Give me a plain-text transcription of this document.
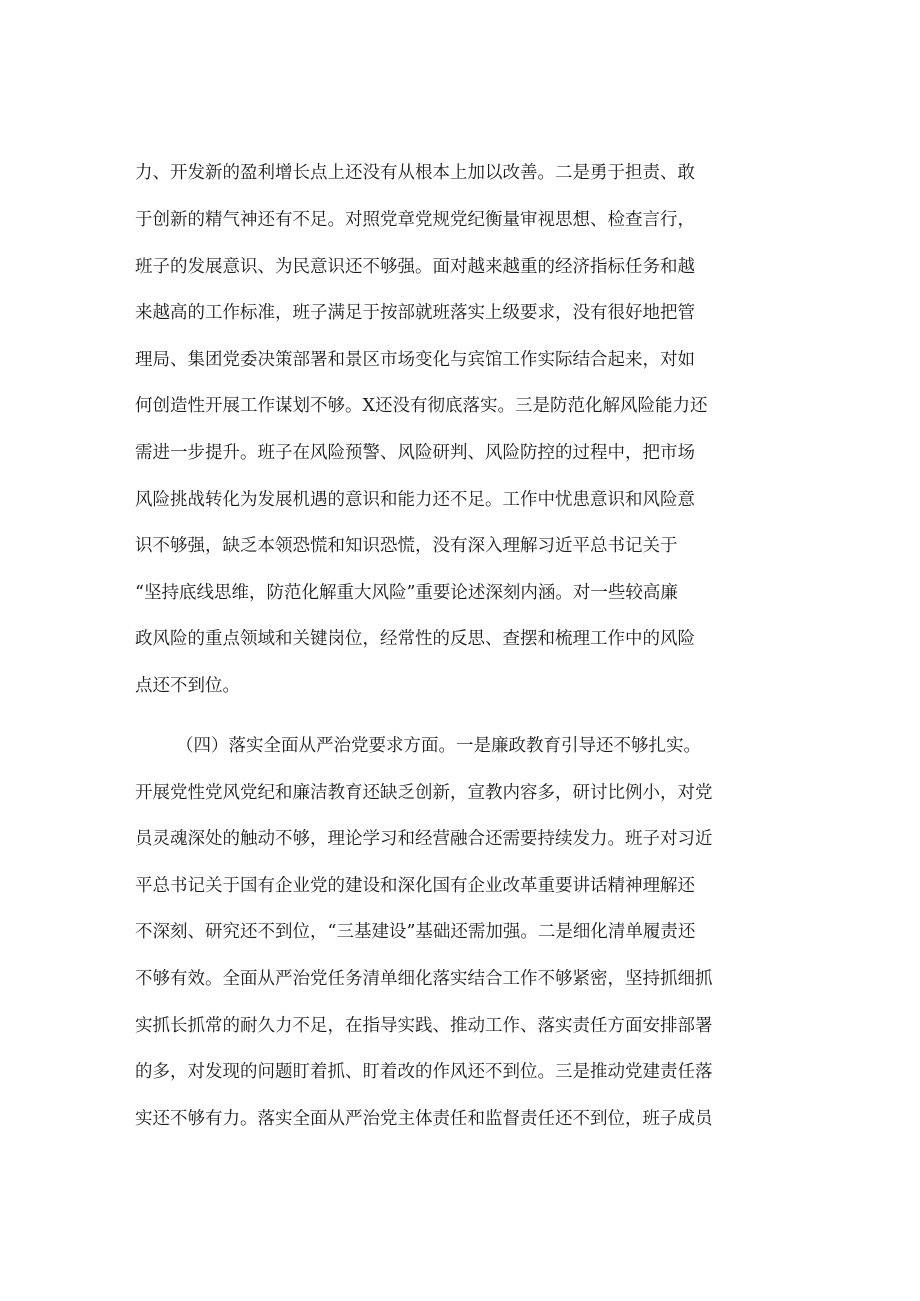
力、开发新的盈利增长点上还没有从根本上加以改善。二是勇于担责、敢
于创新的精气神还有不足。对照党章党规党纪衡量审视思想、检查言行，
班子的发展意识、为民意识还不够强。面对越来越重的经济指标任务和越
来越高的工作标准，班子满足于按部就班落实上级要求，没有很好地把管
理局、集团党委决策部署和景区市场变化与宾馆工作实际结合起来，对如
何创造性开展工作谋划不够。X还没有彻底落实。三是防范化解风险能力还
需进一步提升。班子在风险预警、风险研判、风险防控的过程中，把市场
风险挑战转化为发展机遇的意识和能力还不足。工作中忧患意识和风险意
识不够强，缺乏本领恐慌和知识恐慌，没有深入理解习近平总书记关于
“坚持底线思维，防范化解重大风险”重要论述深刻内涵。对一些较高廉
政风险的重点领域和关键岗位，经常性的反思、查摆和梳理工作中的风险
点还不到位。
（四）落实全面从严治党要求方面。一是廉政教育引导还不够扎实。
开展党性党风党纪和廉洁教育还缺乏创新，宣教内容多，研讨比例小，对党
员灵魂深处的触动不够，理论学习和经营融合还需要持续发力。班子对习近
平总书记关于国有企业党的建设和深化国有企业改革重要讲话精神理解还
不深刻、研究还不到位，“三基建设”基础还需加强。二是细化清单履责还
不够有效。全面从严治党任务清单细化落实结合工作不够紧密，坚持抓细抓
实抓长抓常的耐久力不足，在指导实践、推动工作、落实责任方面安排部署
的多，对发现的问题盯着抓、盯着改的作风还不到位。三是推动党建责任落
实还不够有力。落实全面从严治党主体责任和监督责任还不到位，班子成员
